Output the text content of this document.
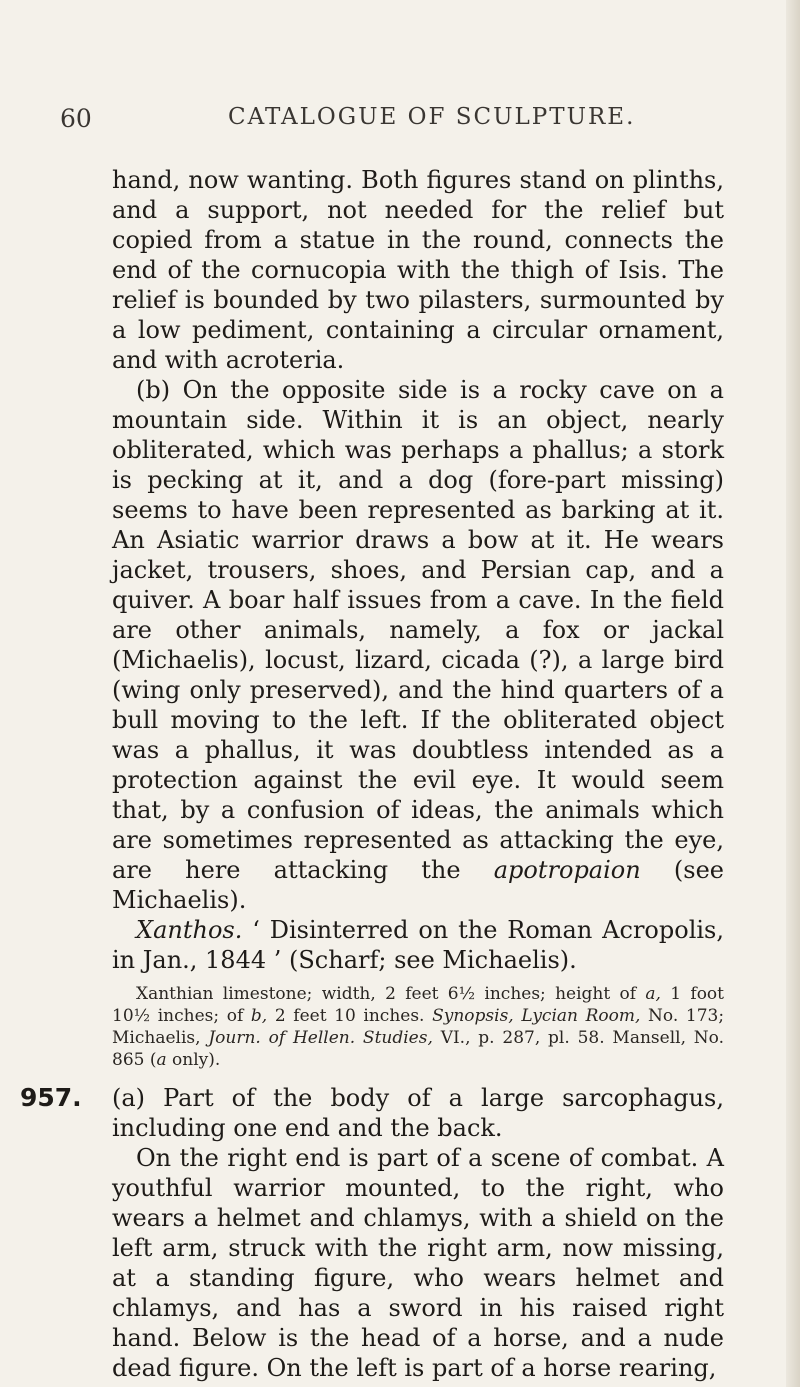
60	CATALOGUE OF SCULPTURE.

hand, now wanting. Both figures stand on plinths, and a support, not needed for the relief but copied from a statue in the round, connects the end of the cornucopia with the thigh of Isis. The relief is bounded by two pilasters, surmounted by a low pediment, containing a circular ornament, and with acroteria.

(b) On the opposite side is a rocky cave on a mountain side. Within it is an object, nearly obliterated, which was perhaps a phallus; a stork is pecking at it, and a dog (fore-part missing) seems to have been represented as barking at it. An Asiatic warrior draws a bow at it. He wears jacket, trousers, shoes, and Persian cap, and a quiver. A boar half issues from a cave. In the field are other animals, namely, a fox or jackal (Michaelis), locust, lizard, cicada (?), a large bird (wing only preserved), and the hind quarters of a bull moving to the left. If the obliterated object was a phallus, it was doubtless intended as a protection against the evil eye. It would seem that, by a confusion of ideas, the animals which are sometimes represented as attacking the eye, are here attacking the apotropaion (see Michaelis).

Xanthos. ‘ Disinterred on the Roman Acropolis, in Jan., 1844 ’ (Scharf; see Michaelis).

Xanthian limestone; width, 2 feet 6½ inches; height of a, 1 foot 10½ inches; of b, 2 feet 10 inches. Synopsis, Lycian Room, No. 173; Michaelis, Journ. of Hellen. Studies, VI., p. 287, pl. 58. Mansell, No. 865 (a only).

957. (a) Part of the body of a large sarcophagus, including one end and the back.

On the right end is part of a scene of combat. A youthful warrior mounted, to the right, who wears a helmet and chlamys, with a shield on the left arm, struck with the right arm, now missing, at a standing figure, who wears helmet and chlamys, and has a sword in his raised right hand. Below is the head of a horse, and a nude dead figure. On the left is part of a horse rearing,
